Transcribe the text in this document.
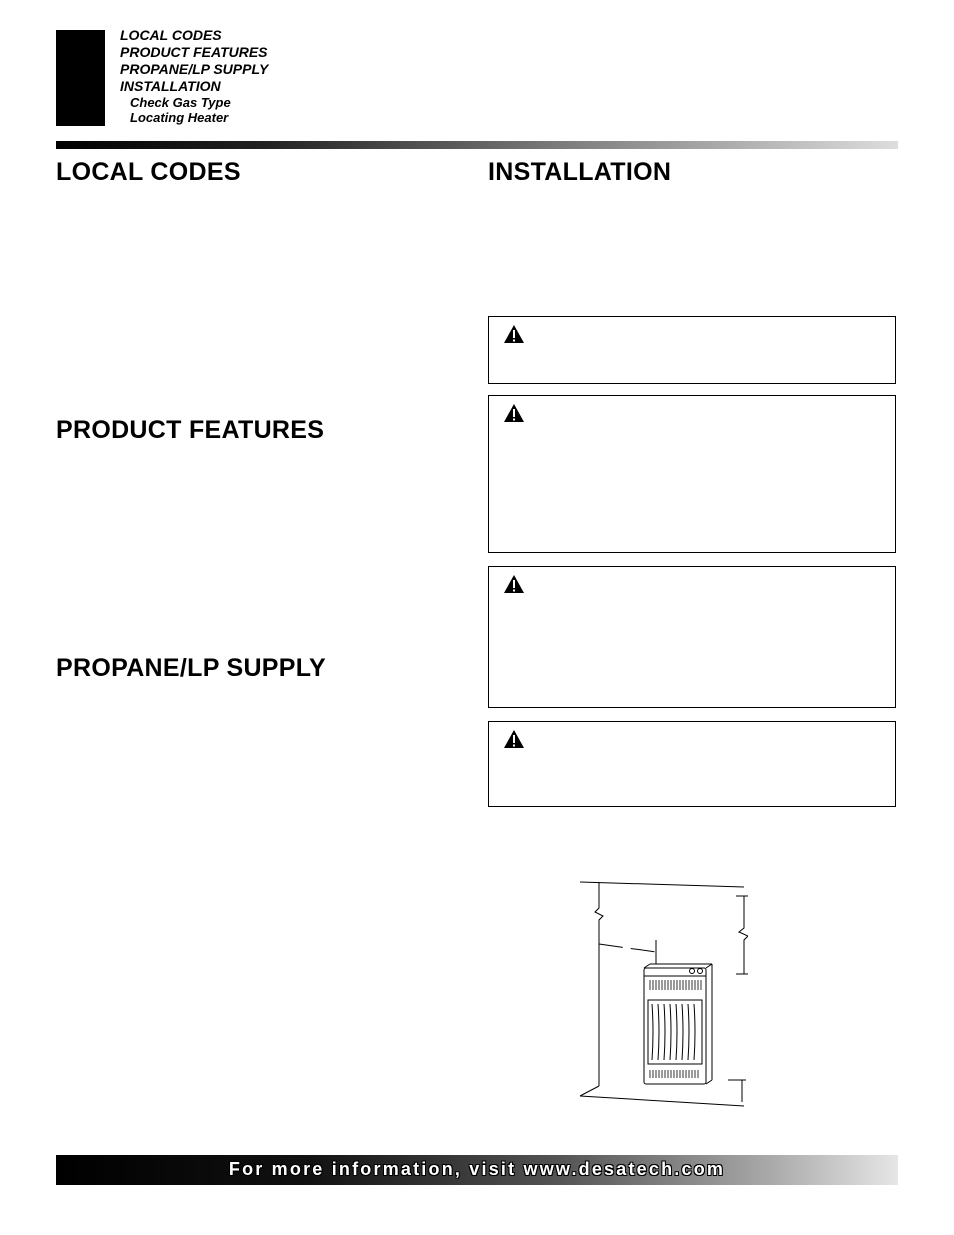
LOCAL CODES
PRODUCT FEATURES
PROPANE/LP SUPPLY
INSTALLATION
Check Gas Type
Locating Heater
LOCAL CODES	INSTALLATION
PRODUCT FEATURES
PROPANE/LP SUPPLY
For more information, visit www.desatech.com
